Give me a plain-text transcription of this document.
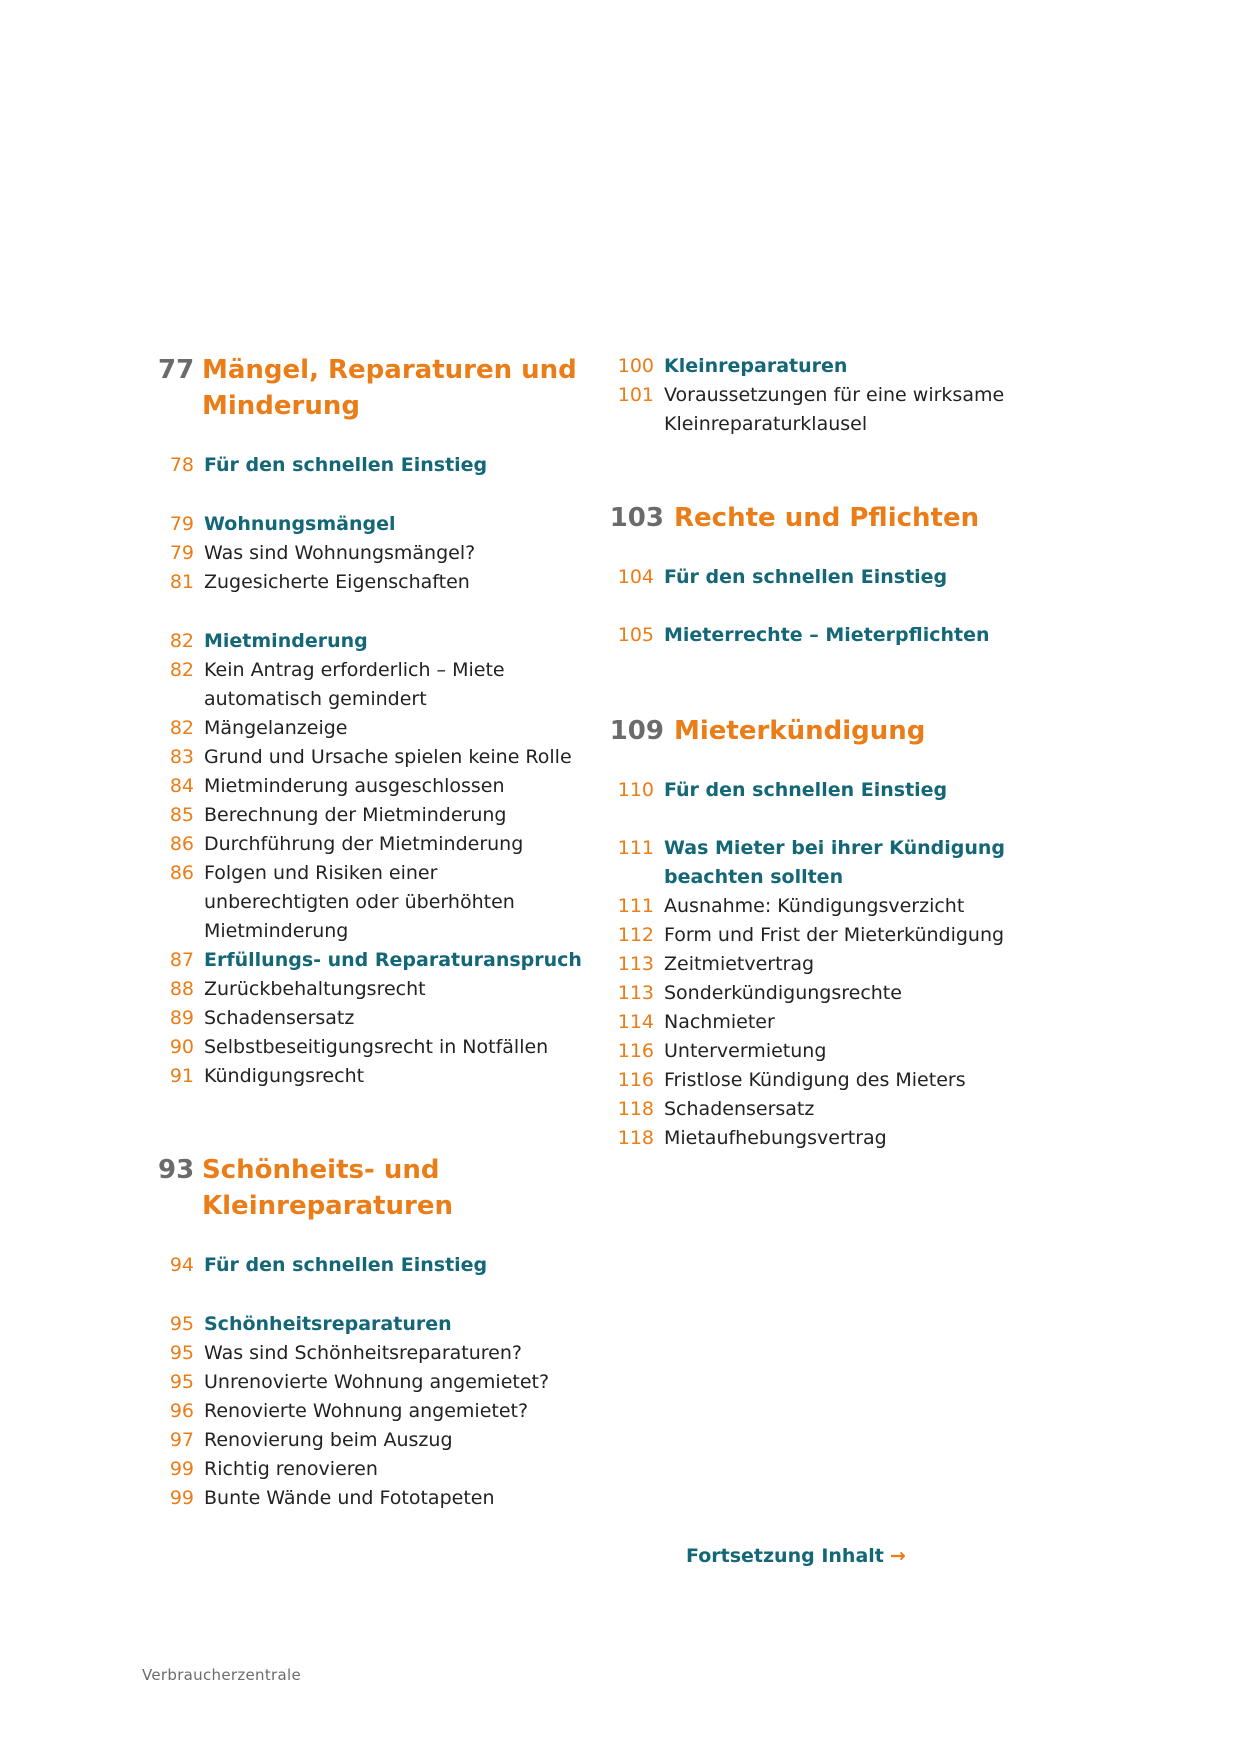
77 Mängel, Reparaturen und Minderung
78 Für den schnellen Einstieg
79 Wohnungsmängel
79 Was sind Wohnungsmängel?
81 Zugesicherte Eigenschaften
82 Mietminderung
82 Kein Antrag erforderlich – Miete automatisch gemindert
82 Mängelanzeige
83 Grund und Ursache spielen keine Rolle
84 Mietminderung ausgeschlossen
85 Berechnung der Mietminderung
86 Durchführung der Mietminderung
86 Folgen und Risiken einer unberechtigten oder überhöhten Mietminderung
87 Erfüllungs- und Reparaturanspruch
88 Zurückbehaltungsrecht
89 Schadensersatz
90 Selbstbeseitigungsrecht in Notfällen
91 Kündigungsrecht
93 Schönheits- und Kleinreparaturen
94 Für den schnellen Einstieg
95 Schönheitsreparaturen
95 Was sind Schönheitsreparaturen?
95 Unrenovierte Wohnung angemietet?
96 Renovierte Wohnung angemietet?
97 Renovierung beim Auszug
99 Richtig renovieren
99 Bunte Wände und Fototapeten
100 Kleinreparaturen
101 Voraussetzungen für eine wirksame Kleinreparaturklausel
103 Rechte und Pflichten
104 Für den schnellen Einstieg
105 Mieterrechte – Mieterpflichten
109 Mieterkündigung
110 Für den schnellen Einstieg
111 Was Mieter bei ihrer Kündigung beachten sollten
111 Ausnahme: Kündigungsverzicht
112 Form und Frist der Mieterkündigung
113 Zeitmietvertrag
113 Sonderkündigungsrechte
114 Nachmieter
116 Untervermietung
116 Fristlose Kündigung des Mieters
118 Schadensersatz
118 Mietaufhebungsvertrag
Fortsetzung Inhalt →
Verbraucherzentrale
